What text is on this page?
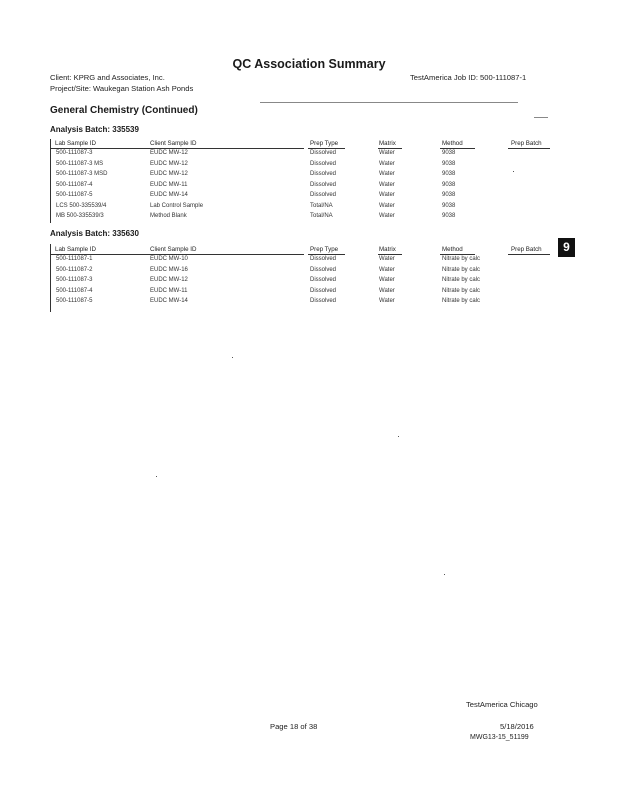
QC Association Summary
Client: KPRG and Associates, Inc.
Project/Site: Waukegan Station Ash Ponds
TestAmerica Job ID: 500-111087-1
General Chemistry (Continued)
Analysis Batch: 335539
Lab Sample ID	Client Sample ID	Prep Type	Matrix	Method	Prep Batch
500-111087-3	EUDC MW-12	Dissolved	Water	9038
500-111087-3 MS	EUDC MW-12	Dissolved	Water	9038
500-111087-3 MSD	EUDC MW-12	Dissolved	Water	9038
500-111087-4	EUDC MW-11	Dissolved	Water	9038
500-111087-5	EUDC MW-14	Dissolved	Water	9038
LCS 500-335539/4	Lab Control Sample	Total/NA	Water	9038
MB 500-335539/3	Method Blank	Total/NA	Water	9038
Analysis Batch: 335630
Lab Sample ID	Client Sample ID	Prep Type	Matrix	Method	Prep Batch	9
500-111087-1	EUDC MW-10	Dissolved	Water	Nitrate by calc
500-111087-2	EUDC MW-16	Dissolved	Water	Nitrate by calc
500-111087-3	EUDC MW-12	Dissolved	Water	Nitrate by calc
500-111087-4	EUDC MW-11	Dissolved	Water	Nitrate by calc
500-111087-5	EUDC MW-14	Dissolved	Water	Nitrate by calc
TestAmerica Chicago
Page 18 of 38	5/18/2016
MWG13-15_51199
